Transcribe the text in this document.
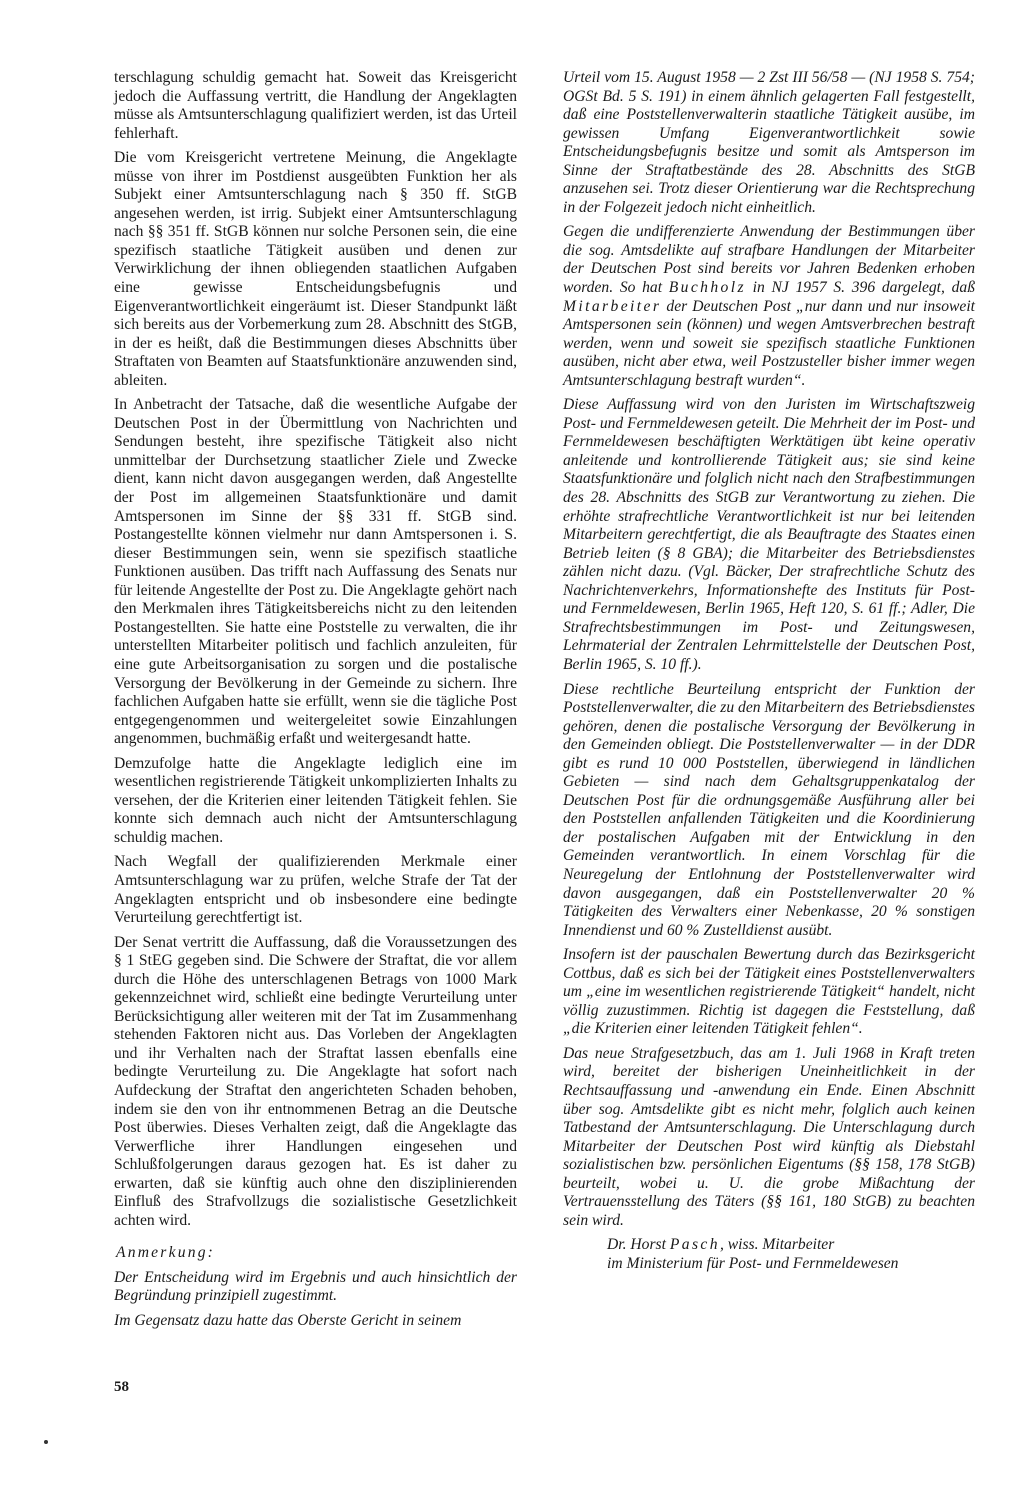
terschlagung schuldig gemacht hat. Soweit das Kreisgericht jedoch die Auffassung vertritt, die Handlung der Angeklagten müsse als Amtsunterschlagung qualifiziert werden, ist das Urteil fehlerhaft.

Die vom Kreisgericht vertretene Meinung, die Angeklagte müsse von ihrer im Postdienst ausgeübten Funktion her als Subjekt einer Amtsunterschlagung nach § 350 ff. StGB angesehen werden, ist irrig. Subjekt einer Amtsunterschlagung nach §§ 351 ff. StGB können nur solche Personen sein, die eine spezifisch staatliche Tätigkeit ausüben und denen zur Verwirklichung der ihnen obliegenden staatlichen Aufgaben eine gewisse Entscheidungsbefugnis und Eigenverantwortlichkeit eingeräumt ist. Dieser Standpunkt läßt sich bereits aus der Vorbemerkung zum 28. Abschnitt des StGB, in der es heißt, daß die Bestimmungen dieses Abschnitts über Straftaten von Beamten auf Staatsfunktionäre anzuwenden sind, ableiten.

In Anbetracht der Tatsache, daß die wesentliche Aufgabe der Deutschen Post in der Übermittlung von Nachrichten und Sendungen besteht, ihre spezifische Tätigkeit also nicht unmittelbar der Durchsetzung staatlicher Ziele und Zwecke dient, kann nicht davon ausgegangen werden, daß Angestellte der Post im allgemeinen Staatsfunktionäre und damit Amtspersonen im Sinne der §§ 331 ff. StGB sind. Postangestellte können vielmehr nur dann Amtspersonen i. S. dieser Bestimmungen sein, wenn sie spezifisch staatliche Funktionen ausüben. Das trifft nach Auffassung des Senats nur für leitende Angestellte der Post zu. Die Angeklagte gehört nach den Merkmalen ihres Tätigkeitsbereichs nicht zu den leitenden Postangestellten. Sie hatte eine Poststelle zu verwalten, die ihr unterstellten Mitarbeiter politisch und fachlich anzuleiten, für eine gute Arbeitsorganisation zu sorgen und die postalische Versorgung der Bevölkerung in der Gemeinde zu sichern. Ihre fachlichen Aufgaben hatte sie erfüllt, wenn sie die tägliche Post entgegengenommen und weitergeleitet sowie Einzahlungen angenommen, buchmäßig erfaßt und weitergesandt hatte.

Demzufolge hatte die Angeklagte lediglich eine im wesentlichen registrierende Tätigkeit unkomplizierten Inhalts zu versehen, der die Kriterien einer leitenden Tätigkeit fehlen. Sie konnte sich demnach auch nicht der Amtsunterschlagung schuldig machen.

Nach Wegfall der qualifizierenden Merkmale einer Amtsunterschlagung war zu prüfen, welche Strafe der Tat der Angeklagten entspricht und ob insbesondere eine bedingte Verurteilung gerechtfertigt ist.

Der Senat vertritt die Auffassung, daß die Voraussetzungen des § 1 StEG gegeben sind. Die Schwere der Straftat, die vor allem durch die Höhe des unterschlagenen Betrags von 1000 Mark gekennzeichnet wird, schließt eine bedingte Verurteilung unter Berücksichtigung aller weiteren mit der Tat im Zusammenhang stehenden Faktoren nicht aus. Das Vorleben der Angeklagten und ihr Verhalten nach der Straftat lassen ebenfalls eine bedingte Verurteilung zu. Die Angeklagte hat sofort nach Aufdeckung der Straftat den angerichteten Schaden behoben, indem sie den von ihr entnommenen Betrag an die Deutsche Post überwies. Dieses Verhalten zeigt, daß die Angeklagte das Verwerfliche ihrer Handlungen eingesehen und Schlußfolgerungen daraus gezogen hat. Es ist daher zu erwarten, daß sie künftig auch ohne den disziplinierenden Einfluß des Strafvollzugs die sozialistische Gesetzlichkeit achten wird.

Anmerkung:

Der Entscheidung wird im Ergebnis und auch hinsichtlich der Begründung prinzipiell zugestimmt.

Im Gegensatz dazu hatte das Oberste Gericht in seinem

Urteil vom 15. August 1958 — 2 Zst III 56/58 — (NJ 1958 S. 754; OGSt Bd. 5 S. 191) in einem ähnlich gelagerten Fall festgestellt, daß eine Poststellenverwalterin staatliche Tätigkeit ausübe, im gewissen Umfang Eigenverantwortlichkeit sowie Entscheidungsbefugnis besitze und somit als Amtsperson im Sinne der Straftatbestände des 28. Abschnitts des StGB anzusehen sei. Trotz dieser Orientierung war die Rechtsprechung in der Folgezeit jedoch nicht einheitlich.

Gegen die undifferenzierte Anwendung der Bestimmungen über die sog. Amtsdelikte auf strafbare Handlungen der Mitarbeiter der Deutschen Post sind bereits vor Jahren Bedenken erhoben worden. So hat Buchholz in NJ 1957 S. 396 dargelegt, daß Mitarbeiter der Deutschen Post „nur dann und nur insoweit Amtspersonen sein (können) und wegen Amtsverbrechen bestraft werden, wenn und soweit sie spezifisch staatliche Funktionen ausüben, nicht aber etwa, weil Postzusteller bisher immer wegen Amtsunterschlagung bestraft wurden“.

Diese Auffassung wird von den Juristen im Wirtschaftszweig Post- und Fernmeldewesen geteilt. Die Mehrheit der im Post- und Fernmeldewesen beschäftigten Werktätigen übt keine operativ anleitende und kontrollierende Tätigkeit aus; sie sind keine Staatsfunktionäre und folglich nicht nach den Strafbestimmungen des 28. Abschnitts des StGB zur Verantwortung zu ziehen. Die erhöhte strafrechtliche Verantwortlichkeit ist nur bei leitenden Mitarbeitern gerechtfertigt, die als Beauftragte des Staates einen Betrieb leiten (§ 8 GBA); die Mitarbeiter des Betriebsdienstes zählen nicht dazu. (Vgl. Bäcker, Der strafrechtliche Schutz des Nachrichtenverkehrs, Informationshefte des Instituts für Post- und Fernmeldewesen, Berlin 1965, Heft 120, S. 61 ff.; Adler, Die Strafrechtsbestimmungen im Post- und Zeitungswesen, Lehrmaterial der Zentralen Lehrmittelstelle der Deutschen Post, Berlin 1965, S. 10 ff.).

Diese rechtliche Beurteilung entspricht der Funktion der Poststellenverwalter, die zu den Mitarbeitern des Betriebsdienstes gehören, denen die postalische Versorgung der Bevölkerung in den Gemeinden obliegt. Die Poststellenverwalter — in der DDR gibt es rund 10 000 Poststellen, überwiegend in ländlichen Gebieten — sind nach dem Gehaltsgruppenkatalog der Deutschen Post für die ordnungsgemäße Ausführung aller bei den Poststellen anfallenden Tätigkeiten und die Koordinierung der postalischen Aufgaben mit der Entwicklung in den Gemeinden verantwortlich. In einem Vorschlag für die Neuregelung der Entlohnung der Poststellenverwalter wird davon ausgegangen, daß ein Poststellenverwalter 20 % Tätigkeiten des Verwalters einer Nebenkasse, 20 % sonstigen Innendienst und 60 % Zustelldienst ausübt.

Insofern ist der pauschalen Bewertung durch das Bezirksgericht Cottbus, daß es sich bei der Tätigkeit eines Poststellenverwalters um „eine im wesentlichen registrierende Tätigkeit“ handelt, nicht völlig zuzustimmen. Richtig ist dagegen die Feststellung, daß „die Kriterien einer leitenden Tätigkeit fehlen“.

Das neue Strafgesetzbuch, das am 1. Juli 1968 in Kraft treten wird, bereitet der bisherigen Uneinheitlichkeit in der Rechtsauffassung und -anwendung ein Ende. Einen Abschnitt über sog. Amtsdelikte gibt es nicht mehr, folglich auch keinen Tatbestand der Amtsunterschlagung. Die Unterschlagung durch Mitarbeiter der Deutschen Post wird künftig als Diebstahl sozialistischen bzw. persönlichen Eigentums (§§ 158, 178 StGB) beurteilt, wobei u. U. die grobe Mißachtung der Vertrauensstellung des Täters (§§ 161, 180 StGB) zu beachten sein wird.

Dr. Horst Pasch, wiss. Mitarbeiter
im Ministerium für Post- und Fernmeldewesen

58
